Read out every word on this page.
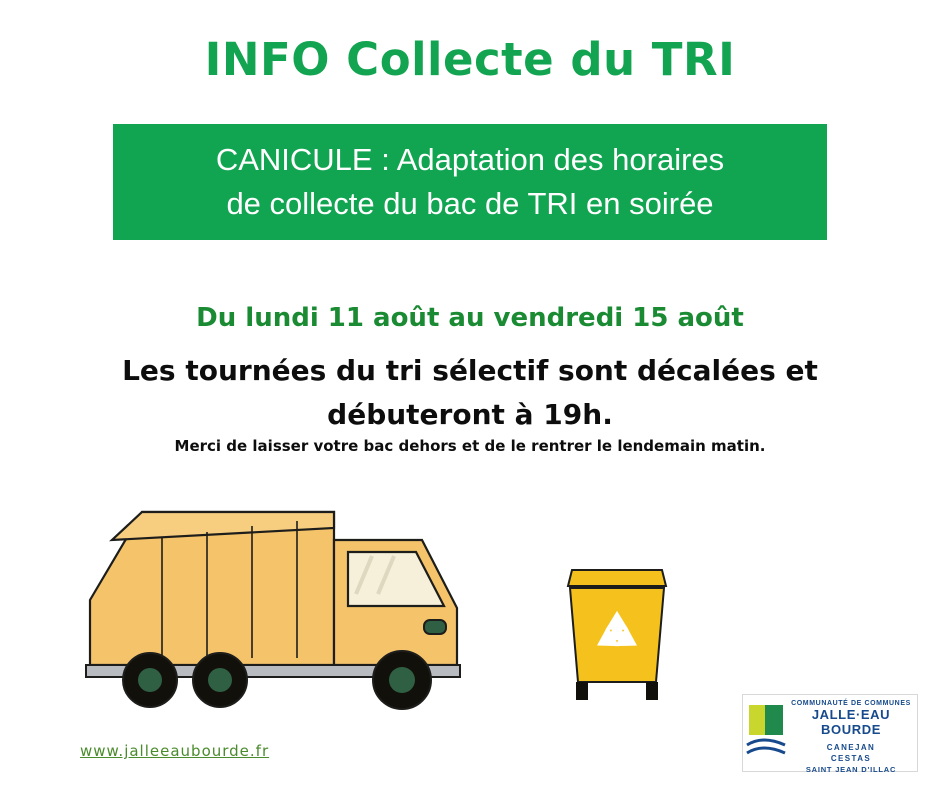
INFO Collecte du TRI
CANICULE : Adaptation des horaires
de collecte du bac de TRI en soirée
Du lundi 11 août au vendredi 15 août
Les tournées du tri sélectif sont décalées et
débuteront à 19h.
Merci de laisser votre bac dehors et de le rentrer le lendemain matin.
www.jalleeaubourde.fr
COMMUNAUTÉ DE COMMUNES
JALLE·EAU BOURDE
CANEJAN
CESTAS
SAINT JEAN D'ILLAC
